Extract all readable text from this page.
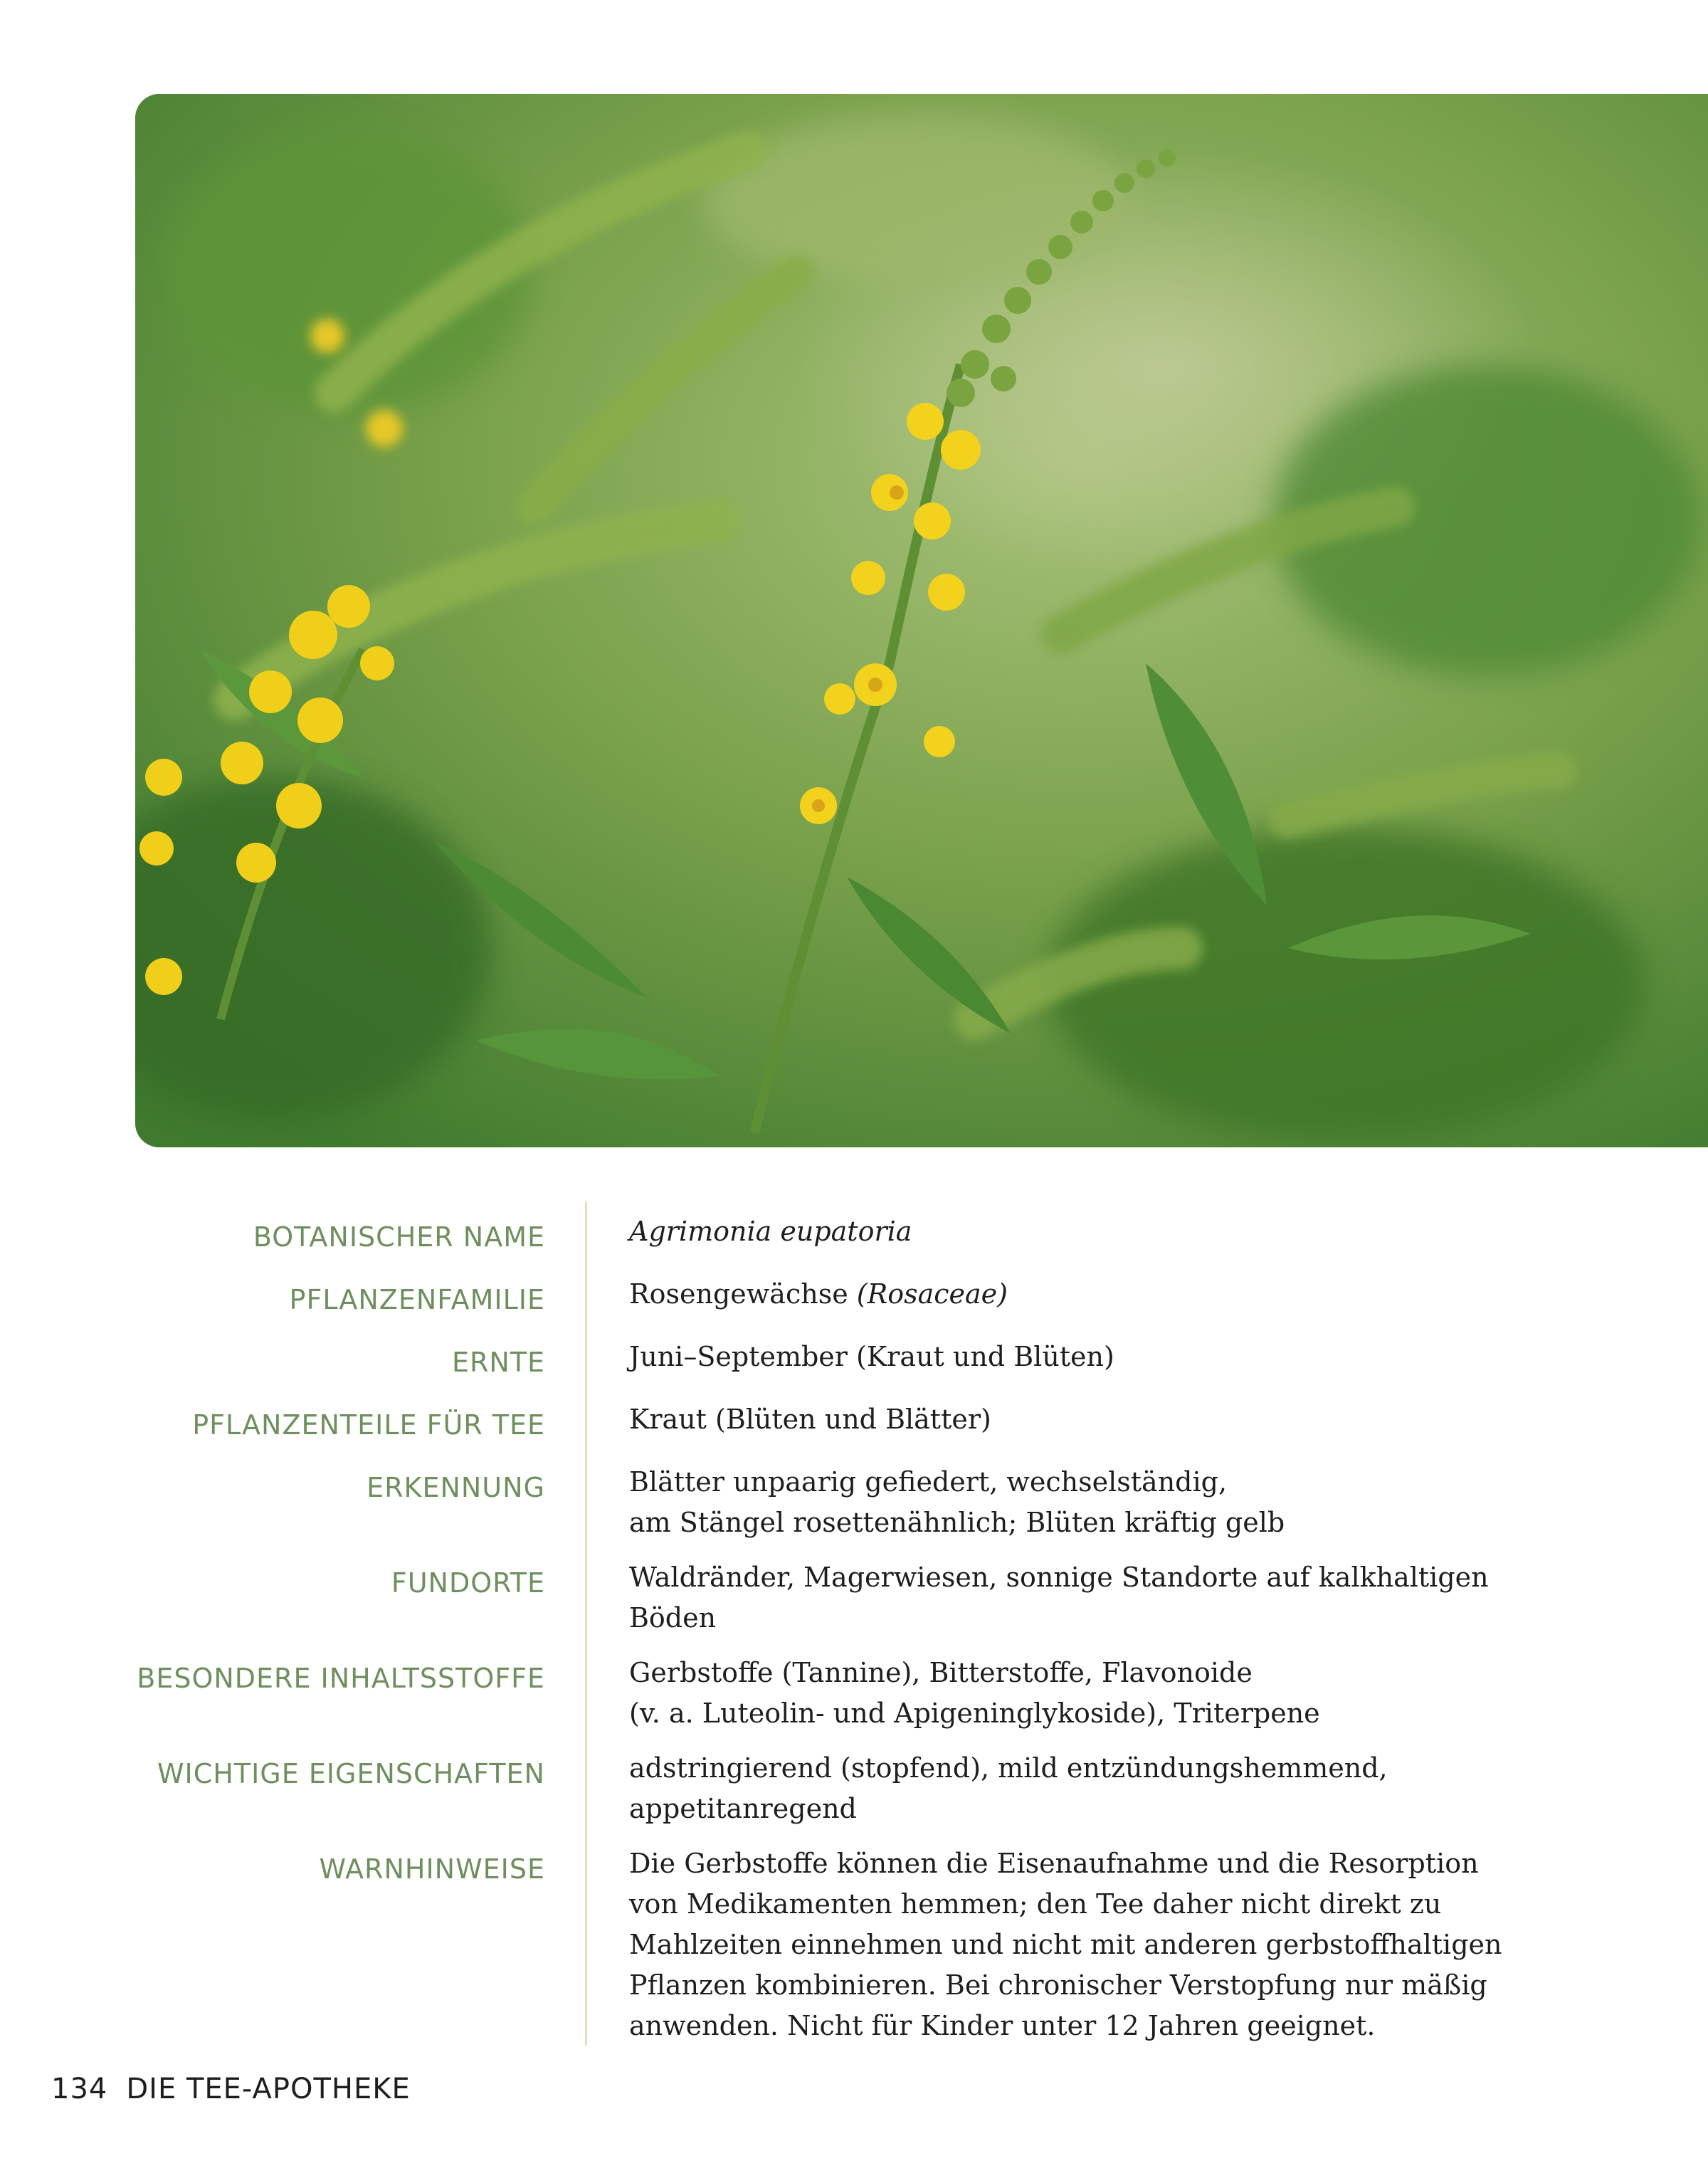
BOTANISCHER NAME	Agrimonia eupatoria
PFLANZENFAMILIE	Rosengewächse (Rosaceae)
ERNTE	Juni–September (Kraut und Blüten)
PFLANZENTEILE FÜR TEE	Kraut (Blüten und Blätter)
ERKENNUNG	Blätter unpaarig gefiedert, wechselständig,
am Stängel rosettenähnlich; Blüten kräftig gelb
FUNDORTE	Waldränder, Magerwiesen, sonnige Standorte auf kalkhaltigen
Böden
BESONDERE INHALTSSTOFFE	Gerbstoffe (Tannine), Bitterstoffe, Flavonoide
(v. a. Luteolin- und Apigeninglykoside), Triterpene
WICHTIGE EIGENSCHAFTEN	adstringierend (stopfend), mild entzündungshemmend,
appetitanregend
WARNHINWEISE	Die Gerbstoffe können die Eisenaufnahme und die Resorption
von Medikamenten hemmen; den Tee daher nicht direkt zu
Mahlzeiten einnehmen und nicht mit anderen gerbstoffhaltigen
Pflanzen kombinieren. Bei chronischer Verstopfung nur mäßig
anwenden. Nicht für Kinder unter 12 Jahren geeignet.
134 DIE TEE-APOTHEKE
